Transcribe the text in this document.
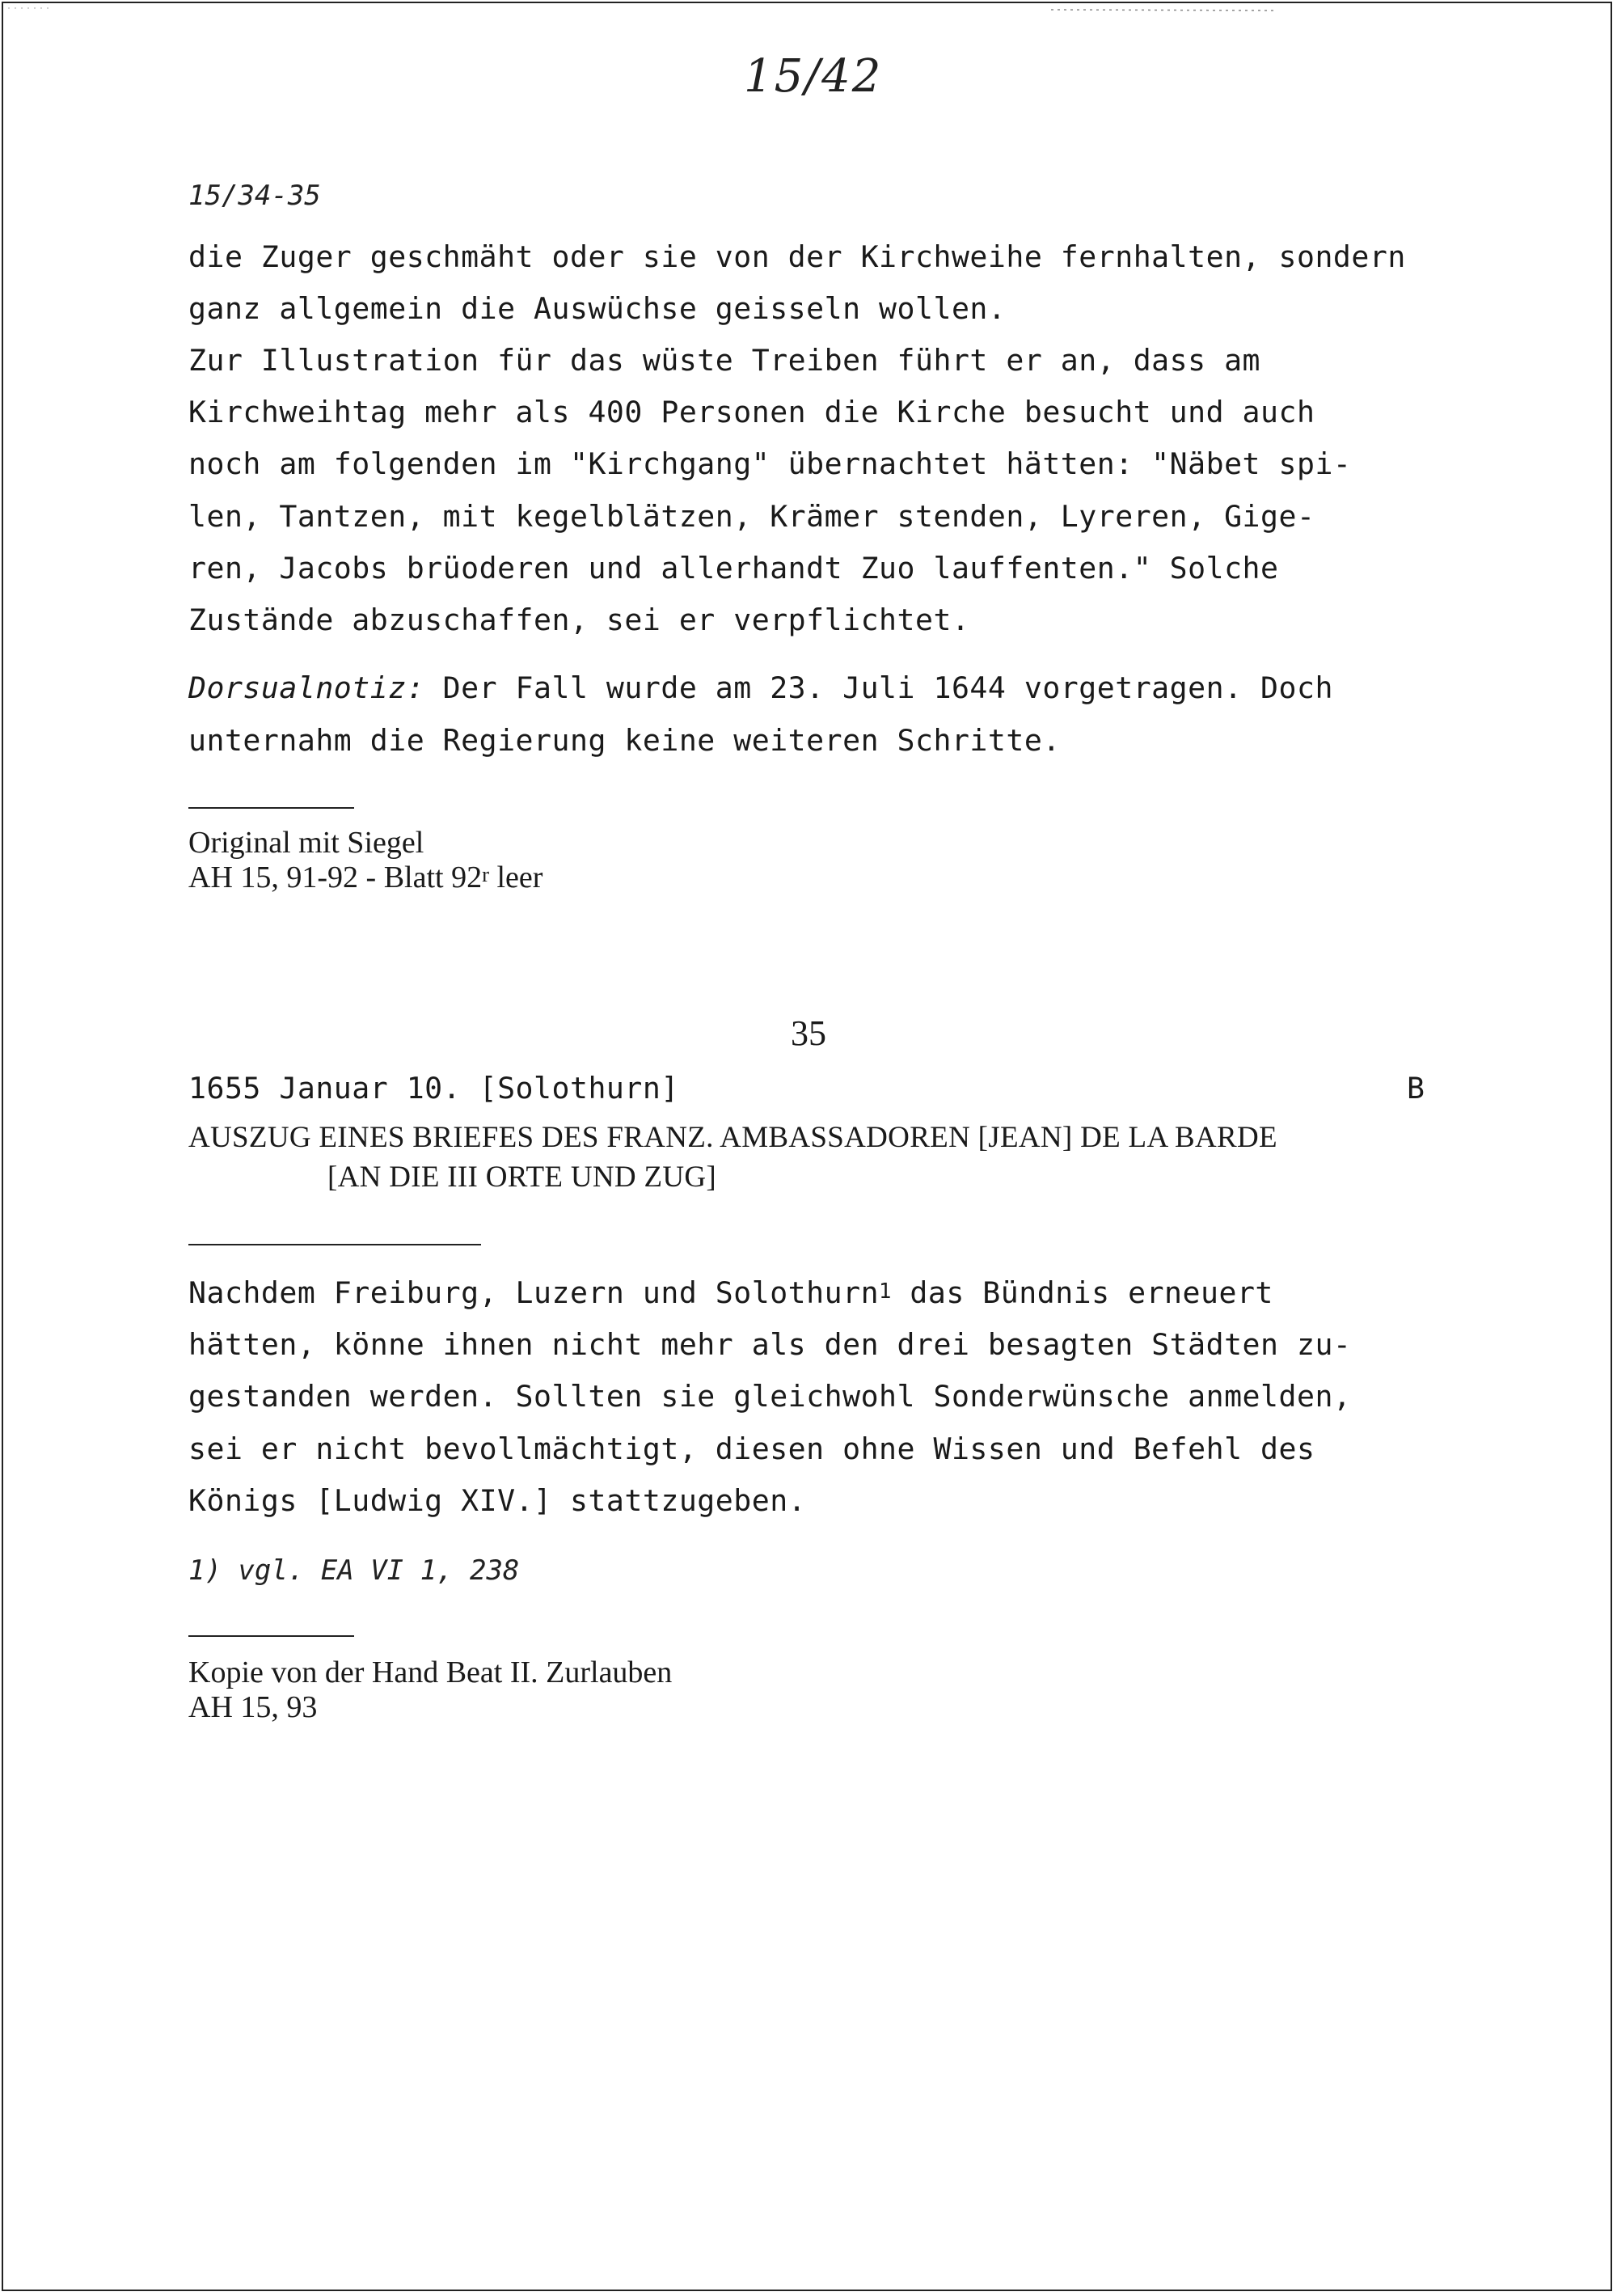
15/42
15/34-35
die Zuger geschmäht oder sie von der Kirchweihe fernhalten, sondern
ganz allgemein die Auswüchse geisseln wollen.
Zur Illustration für das wüste Treiben führt er an, dass am
Kirchweihtag mehr als 400 Personen die Kirche besucht und auch
noch am folgenden im "Kirchgang" übernachtet hätten: "Näbet spi-
len, Tantzen, mit kegelblätzen, Krämer stenden, Lyreren, Gige-
ren, Jacobs brüoderen und allerhandt Zuo lauffenten." Solche
Zustände abzuschaffen, sei er verpflichtet.
Dorsualnotiz: Der Fall wurde am 23. Juli 1644 vorgetragen. Doch
unternahm die Regierung keine weiteren Schritte.
Original mit Siegel
AH 15, 91-92 - Blatt 92$^r$ leer
35
1655 Januar 10. [Solothurn]	B
AUSZUG EINES BRIEFES DES FRANZ. AMBASSADOREN [JEAN] DE LA BARDE
[AN DIE III ORTE UND ZUG]
Nachdem Freiburg, Luzern und Solothurn$^1$ das Bündnis erneuert
hätten, könne ihnen nicht mehr als den drei besagten Städten zu-
gestanden werden. Sollten sie gleichwohl Sonderwünsche anmelden,
sei er nicht bevollmächtigt, diesen ohne Wissen und Befehl des
Königs [Ludwig XIV.] stattzugeben.
1) vgl. EA VI 1, 238
Kopie von der Hand Beat II. Zurlauben
AH 15, 93
